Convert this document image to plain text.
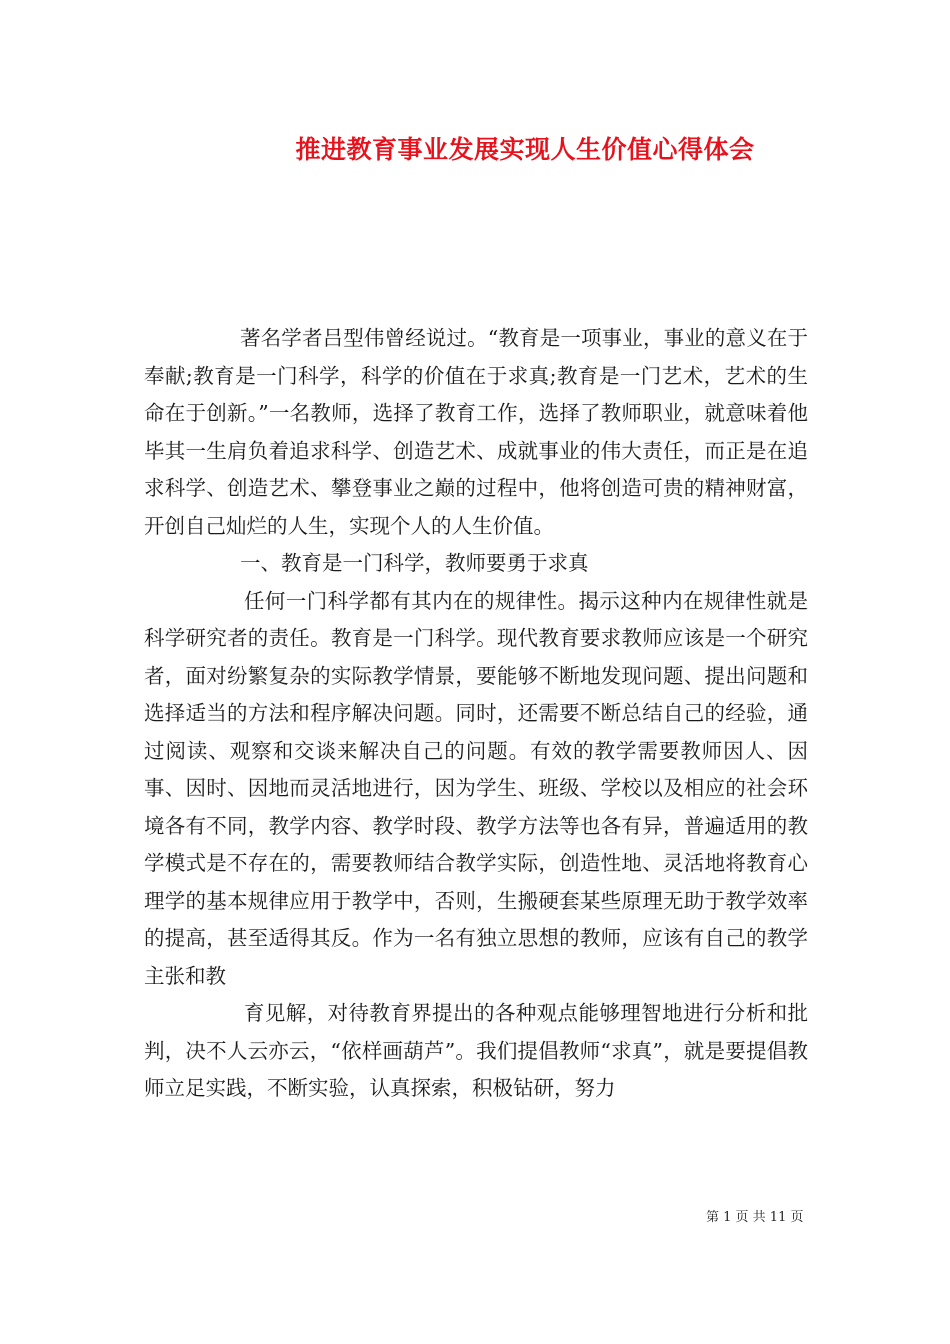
推进教育事业发展实现人生价值心得体会

著名学者吕型伟曾经说过。“教育是一项事业，事业的意义在于奉献;教育是一门科学，科学的价值在于求真;教育是一门艺术，艺术的生命在于创新。”一名教师，选择了教育工作，选择了教师职业，就意味着他毕其一生肩负着追求科学、创造艺术、成就事业的伟大责任，而正是在追求科学、创造艺术、攀登事业之巅的过程中，他将创造可贵的精神财富，开创自己灿烂的人生，实现个人的人生价值。

一、教育是一门科学，教师要勇于求真

任何一门科学都有其内在的规律性。揭示这种内在规律性就是科学研究者的责任。教育是一门科学。现代教育要求教师应该是一个研究者，面对纷繁复杂的实际教学情景，要能够不断地发现问题、提出问题和选择适当的方法和程序解决问题。同时，还需要不断总结自己的经验，通过阅读、观察和交谈来解决自己的问题。有效的教学需要教师因人、因事、因时、因地而灵活地进行，因为学生、班级、学校以及相应的社会环境各有不同，教学内容、教学时段、教学方法等也各有异，普遍适用的教学模式是不存在的，需要教师结合教学实际，创造性地、灵活地将教育心理学的基本规律应用于教学中，否则，生搬硬套某些原理无助于教学效率的提高，甚至适得其反。作为一名有独立思想的教师，应该有自己的教学主张和教

育见解，对待教育界提出的各种观点能够理智地进行分析和批判，决不人云亦云，“依样画葫芦”。我们提倡教师“求真”，就是要提倡教师立足实践，不断实验，认真探索，积极钻研，努力

第 1 页 共 11 页
